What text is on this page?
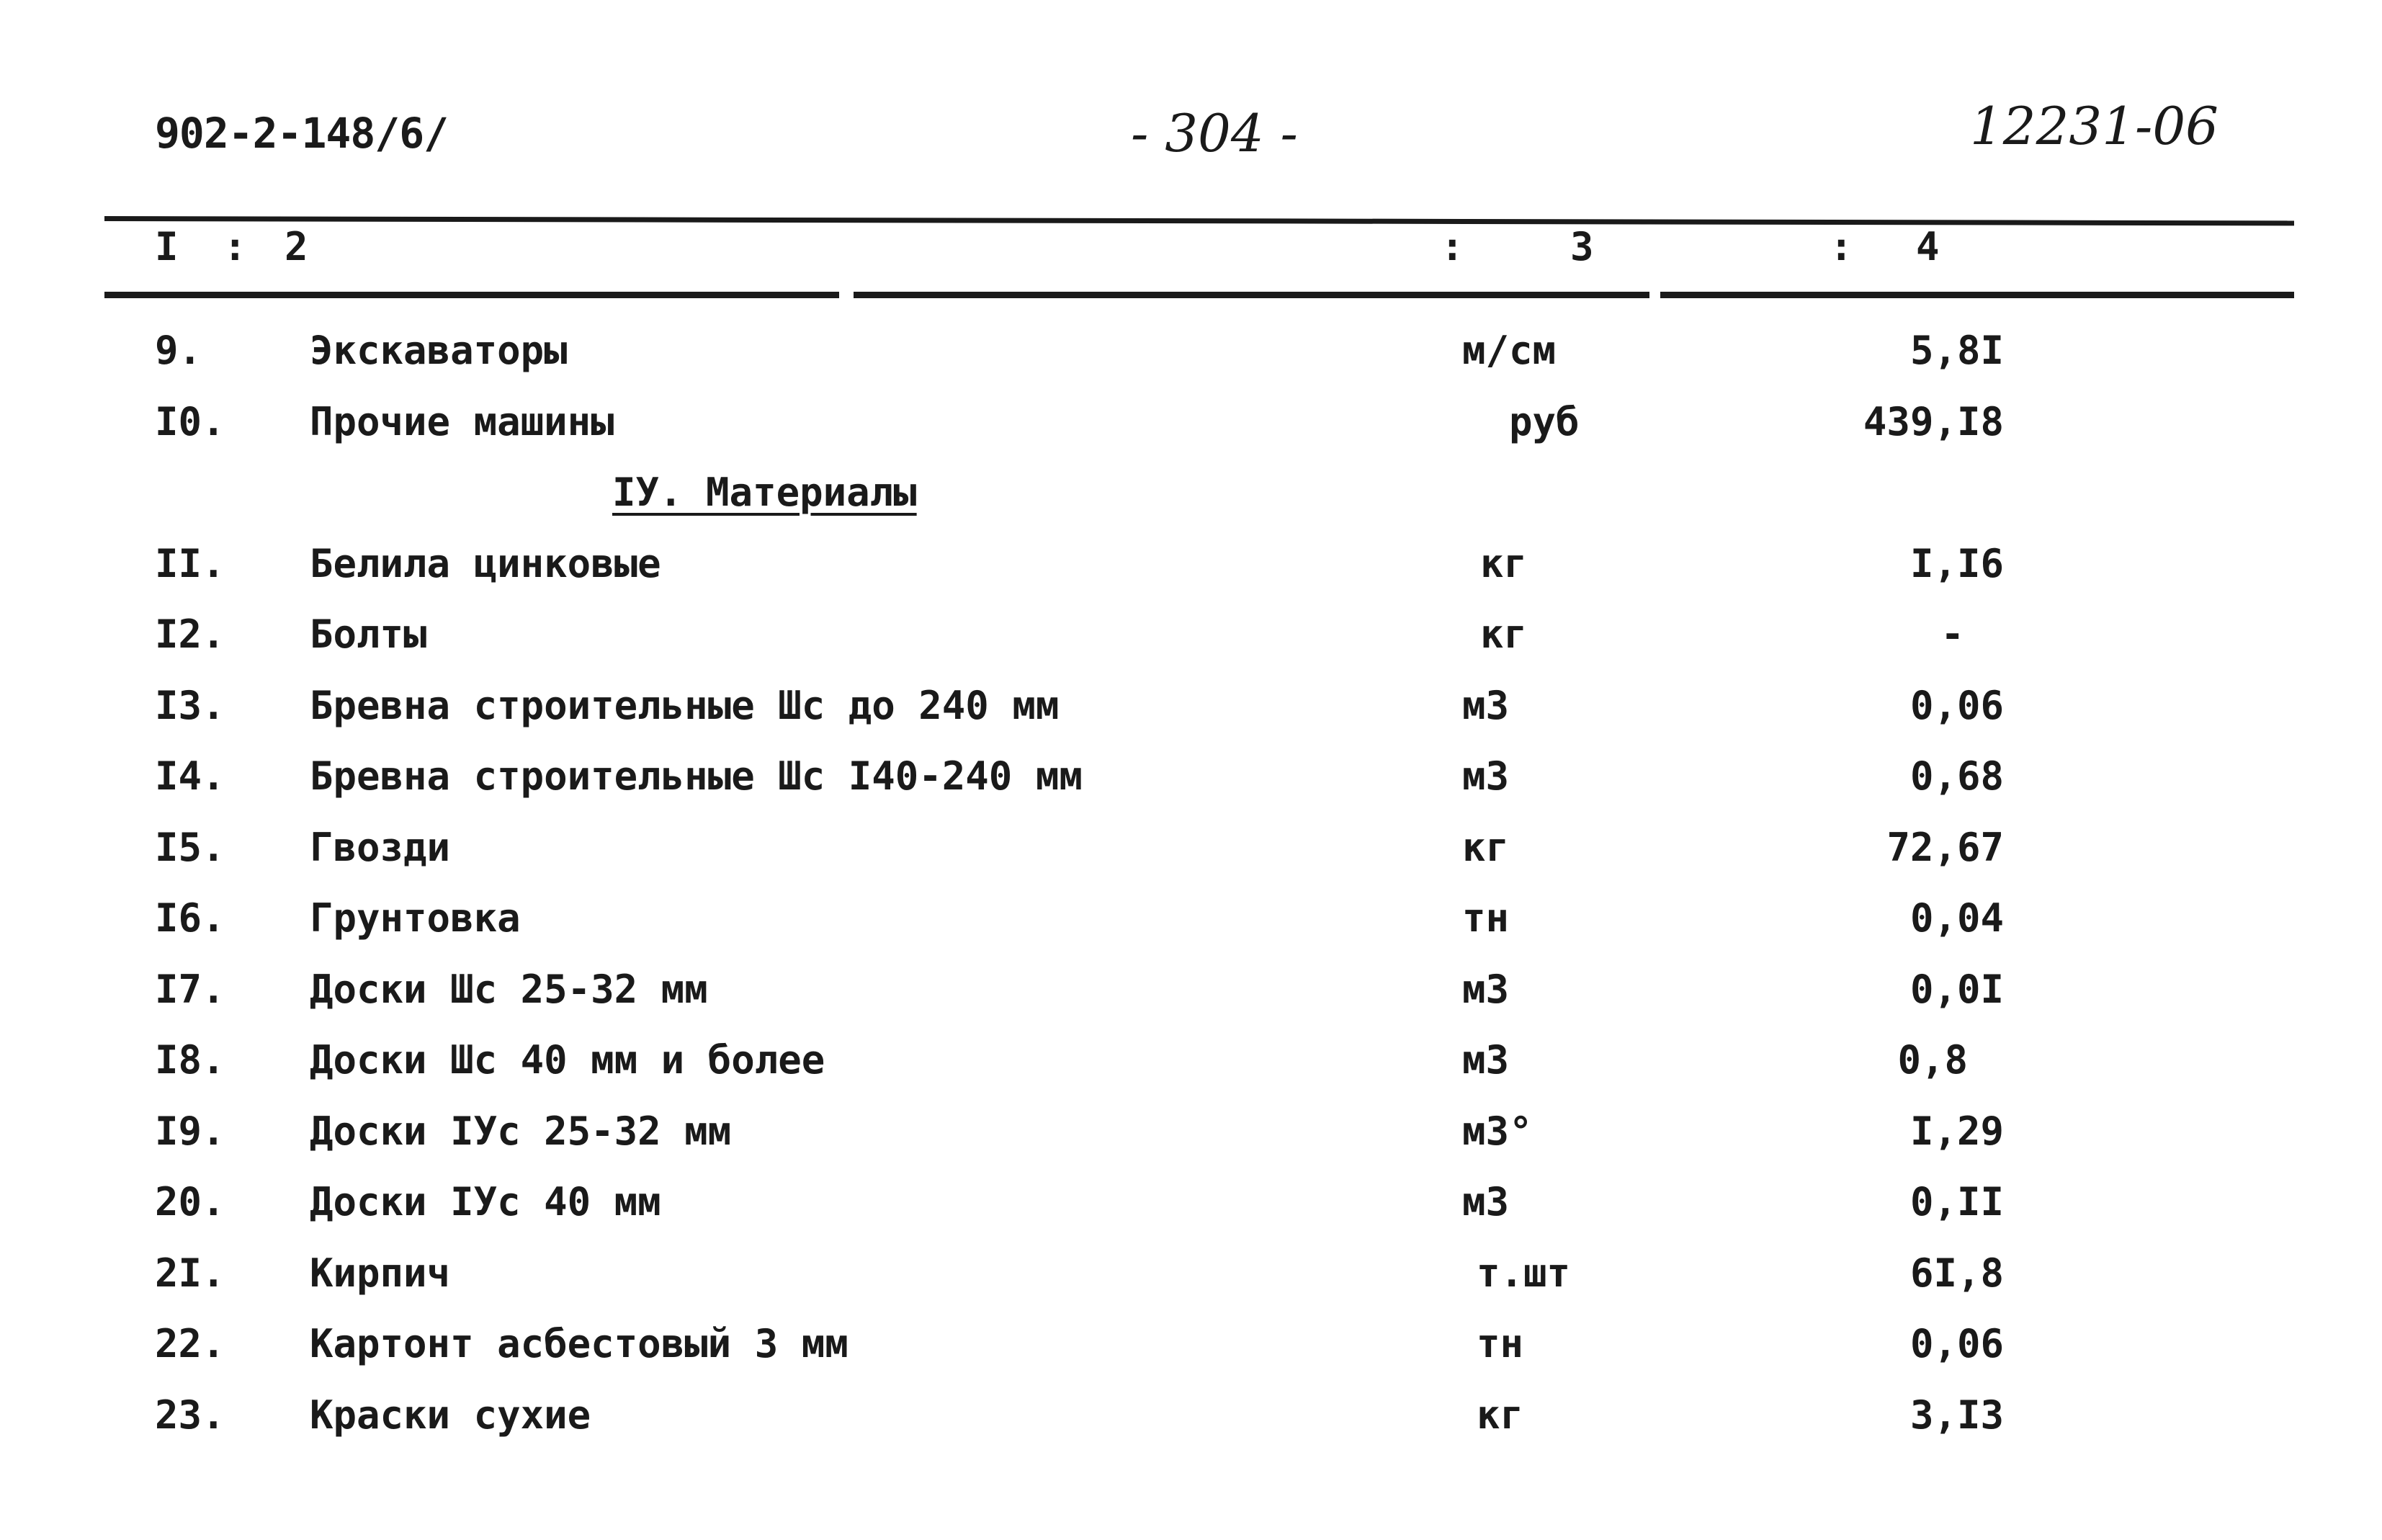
902-2-148/6/	- 304 -	12231-06
I : 2	:	3	: 4
9.	Экскаваторы	м/см	5,8I
I0. Прочие машины	руб	439,I8
IУ. Материалы
II. Белила цинковые	кг	I,I6
I2. Болты	кг	-
I3. Бревна строительные Шс до 240 мм	м3	0,06
I4. Бревна строительные Шс I40-240 мм	м3	0,68
I5. Гвозди	кг	72,67
I6. Грунтовка	тн	0,04
I7. Доски Шс 25-32 мм	м3	0,0I
I8. Доски Шс 40 мм и более	м3	0,8
I9. Доски IУс 25-32 мм	м3°	I,29
20. Доски IУс 40 мм	м3	0,II
2I. Кирпич	т.шт	6I,8
22. Картонт асбестовый 3 мм	тн	0,06
23. Краски сухие	кг	3,I3
